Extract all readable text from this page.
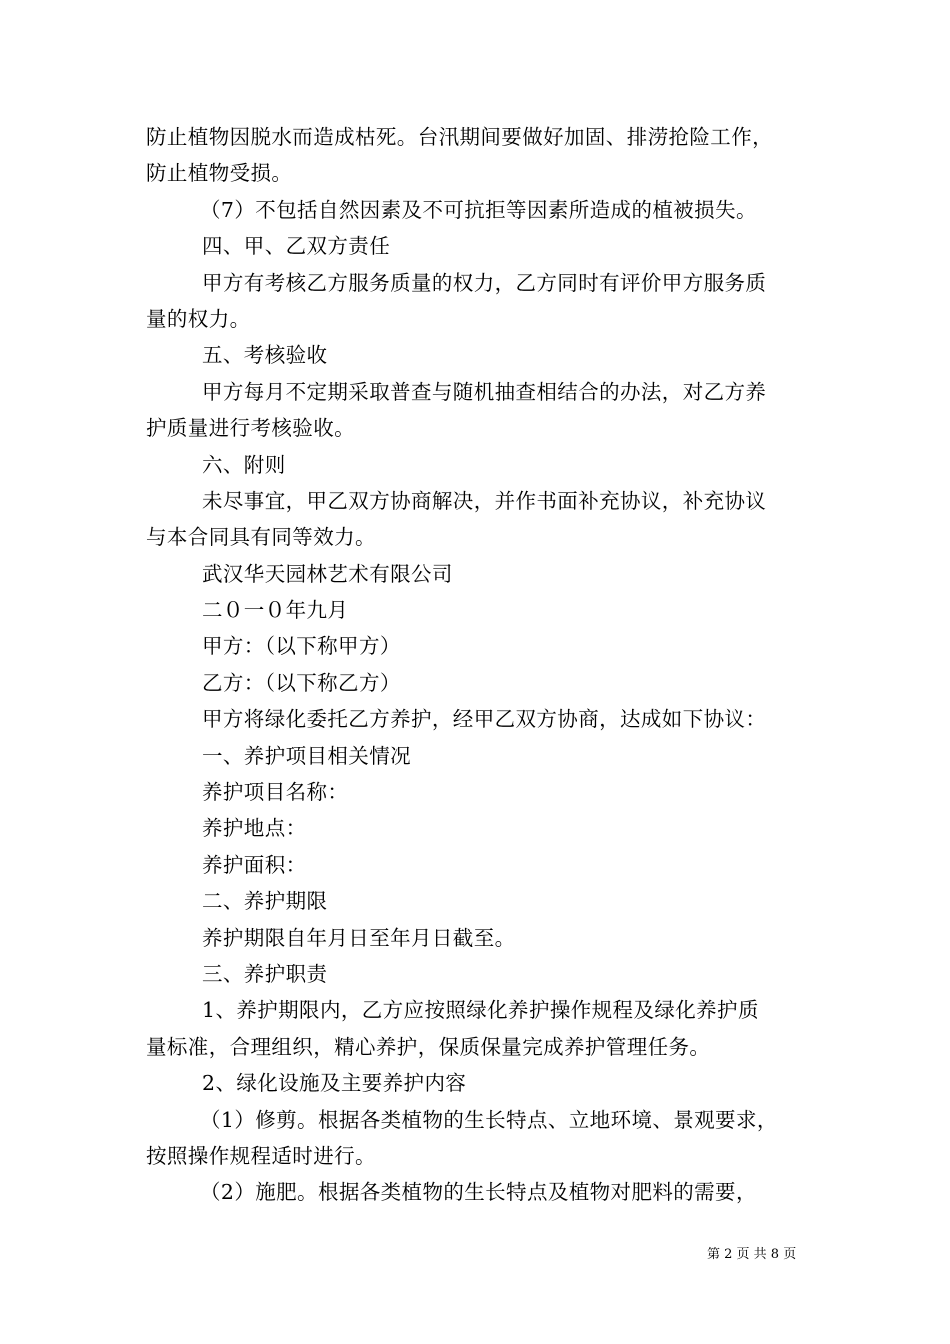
防止植物因脱水而造成枯死。台汛期间要做好加固、排涝抢险工作，
防止植物受损。
（7）不包括自然因素及不可抗拒等因素所造成的植被损失。
四、甲、乙双方责任
甲方有考核乙方服务质量的权力，乙方同时有评价甲方服务质
量的权力。
五、考核验收
甲方每月不定期采取普查与随机抽查相结合的办法，对乙方养
护质量进行考核验收。
六、附则
未尽事宜，甲乙双方协商解决，并作书面补充协议，补充协议
与本合同具有同等效力。
武汉华天园林艺术有限公司
二０一０年九月
甲方：（以下称甲方）
乙方：（以下称乙方）
甲方将绿化委托乙方养护，经甲乙双方协商，达成如下协议：
一、养护项目相关情况
养护项目名称：
养护地点：
养护面积：
二、养护期限
养护期限自年月日至年月日截至。
三、养护职责
1、养护期限内，乙方应按照绿化养护操作规程及绿化养护质
量标准，合理组织，精心养护，保质保量完成养护管理任务。
2、绿化设施及主要养护内容
（1）修剪。根据各类植物的生长特点、立地环境、景观要求，
按照操作规程适时进行。
（2）施肥。根据各类植物的生长特点及植物对肥料的需要，
第 2 页 共 8 页
